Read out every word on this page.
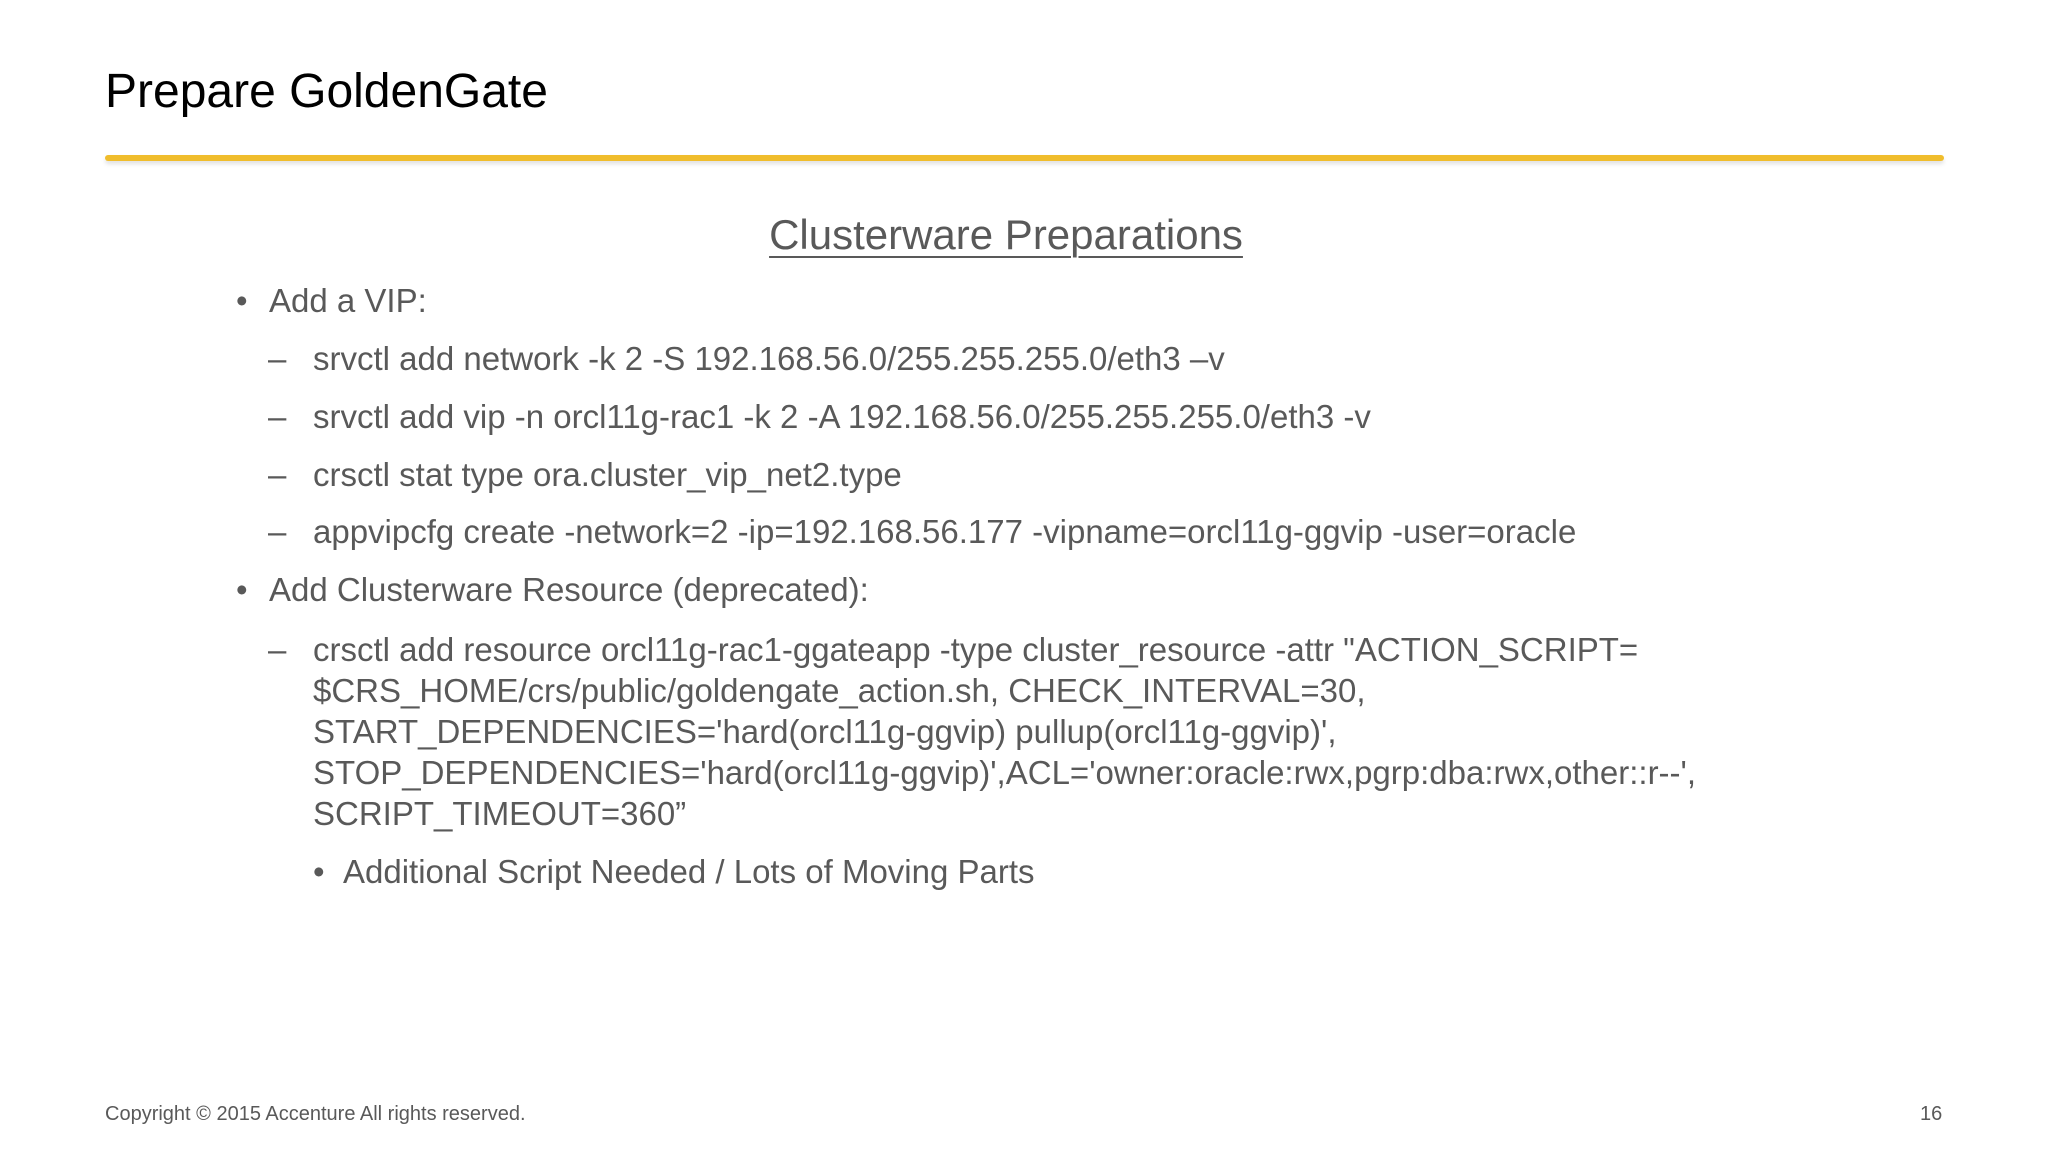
Prepare GoldenGate
Clusterware Preparations
• Add a VIP:
– srvctl add network -k 2 -S 192.168.56.0/255.255.255.0/eth3 –v
– srvctl add vip -n orcl11g-rac1 -k 2 -A 192.168.56.0/255.255.255.0/eth3 -v
– crsctl stat type ora.cluster_vip_net2.type
– appvipcfg create -network=2 -ip=192.168.56.177 -vipname=orcl11g-ggvip -user=oracle
• Add Clusterware Resource (deprecated):
– crsctl add resource orcl11g-rac1-ggateapp -type cluster_resource -attr "ACTION_SCRIPT=
$CRS_HOME/crs/public/goldengate_action.sh, CHECK_INTERVAL=30,
START_DEPENDENCIES='hard(orcl11g-ggvip) pullup(orcl11g-ggvip)',
STOP_DEPENDENCIES='hard(orcl11g-ggvip)',ACL='owner:oracle:rwx,pgrp:dba:rwx,other::r--',
SCRIPT_TIMEOUT=360”
• Additional Script Needed / Lots of Moving Parts
Copyright © 2015 Accenture All rights reserved.	16
